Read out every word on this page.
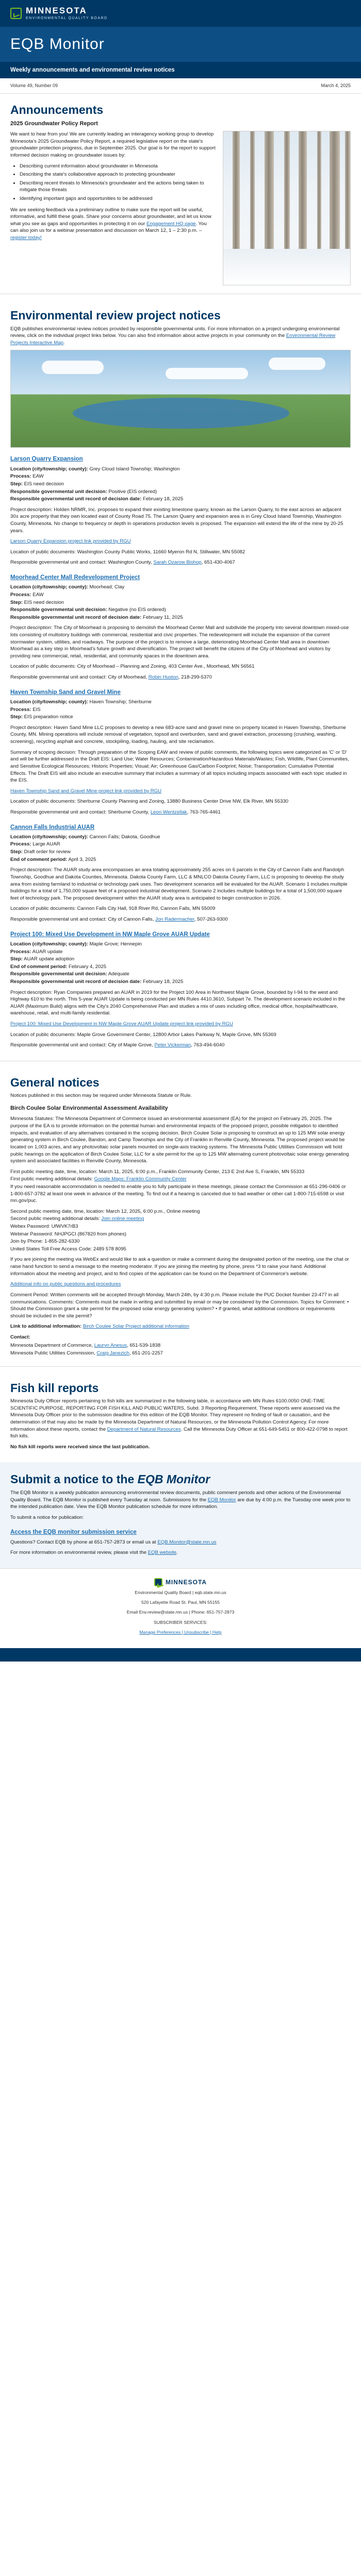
MINNESOTA
ENVIRONMENTAL QUALITY BOARD
EQB Monitor
Weekly announcements and environmental review notices
Volume 49, Number 09	March 4, 2025
Announcements
2025 Groundwater Policy Report

We want to hear from you! We are currently leading an interagency working group to develop Minnesota's 2025 Groundwater Policy Report, a required legislative report on the state's groundwater protection progress, due in September 2025. Our goal is for the report to support informed decision making on groundwater issues by:

• Describing current information about groundwater in Minnesota
• Describing the state's collaborative approach to protecting groundwater
• Describing recent threats to Minnesota's groundwater and the actions being taken to mitigate those threats
• Identifying important gaps and opportunities to be addressed

We are seeking feedback via a preliminary outline to make sure the report will be useful, informative, and fulfill these goals. Share your concerns about groundwater, and let us know what you see as gaps and opportunities in protecting it on our Engagement HQ page. You can also join us for a webinar presentation and discussion on March 12, 1 – 2:30 p.m. – register today!

Environmental review project notices

EQB publishes environmental review notices provided by responsible governmental units. For more information on a project undergoing environmental review, click on the individual project links below. You can also find information about active projects in your community on the Environmental Review Projects Interactive Map.

Larson Quarry Expansion

Location (city/township; county): Grey Cloud Island Township; Washington

Process: EAW

Step: EIS need decision

Responsible governmental unit decision: Positive (EIS ordered)

Responsible governmental unit record of decision date: February 18, 2025

Project description: Holden NRMR, Inc. proposes to expand their existing limestone quarry, known as the Larson Quarry, to the east across an adjacent 30± acre property that they own located east of County Road 75. The Larson Quarry and expansion area is in Grey Cloud Island Township, Washington County, Minnesota. No change to frequency or depth in operations production levels is proposed. The expansion will extend the life of the mine by 20-25 years.

Larson Quarry Expansion project link provided by RGU

Location of public documents: Washington County Public Works, 11660 Myeron Rd N, Stillwater, MN 55082

Responsible governmental unit and contact: Washington County, Sarah Ozarow Bishop, 651-430-4067

Moorhead Center Mall Redevelopment Project

Location (city/township; county): Moorhead; Clay

Process: EAW

Step: EIS need decision

Responsible governmental unit decision: Negative (no EIS ordered)

Responsible governmental unit record of decision date: February 11, 2025

Project description: The City of Moorhead is proposing to demolish the Moorhead Center Mall and subdivide the property into several downtown mixed-use lots consisting of multistory buildings with commercial, residential and civic properties. The redevelopment will include the expansion of the current stormwater system, utilities, and roadways. The purpose of the project is to remove a large, deteriorating Moorhead Center Mall area in downtown Moorhead as a key step in Moorhead's future growth and diversification. The project will benefit the citizens of the City of Moorhead and visitors by providing new commercial, retail, residential, and community spaces in the downtown area.

Location of public documents: City of Moorhead – Planning and Zoning, 403 Center Ave., Moorhead, MN 56561

Responsible governmental unit and contact: City of Moorhead, Robin Huston, 218-299-5370

Haven Township Sand and Gravel Mine

Location (city/township; county): Haven Township; Sherburne

Process: EIS

Step: EIS preparation notice

Project description: Haven Sand Mine LLC proposes to develop a new 683-acre sand and gravel mine on property located in Haven Township, Sherburne County, MN. Mining operations will include removal of vegetation, topsoil and overburden, sand and gravel extraction, processing (crushing, washing, screening), recycling asphalt and concrete, stockpiling, loading, hauling, and site reclamation.

Summary of scoping decision: Through preparation of the Scoping EAW and review of public comments, the following topics were categorized as 'C' or 'D' and will be further addressed in the Draft EIS: Land Use; Water Resources; Contamination/Hazardous Materials/Wastes; Fish, Wildlife, Plant Communities, and Sensitive Ecological Resources; Historic Properties; Visual; Air; Greenhouse Gas/Carbon Footprint; Noise; Transportation; Cumulative Potential Effects. The Draft EIS will also include an executive summary that includes a summary of all topics including impacts associated with each topic studied in the EIS.

Haven Township Sand and Gravel Mine project link provided by RGU

Location of public documents: Sherburne County Planning and Zoning, 13880 Business Center Drive NW, Elk River, MN 55330

Responsible governmental unit and contact: Sherburne County, Leon Wentzellak, 763-765-4461

Cannon Falls Industrial AUAR

Location (city/township; county): Cannon Falls; Dakota, Goodhue

Process: Large AUAR

Step: Draft order for review

End of comment period: April 3, 2025

Project description: The AUAR study area encompasses an area totaling approximately 255 acres on 6 parcels in the City of Cannon Falls and Randolph Township, Goodhue and Dakota Counties, Minnesota. Dakota County Farm, LLC & MNLCO Dakota County Farm, LLC is proposing to develop the study area from existing farmland to industrial or technology park uses. Two development scenarios will be evaluated for the AUAR. Scenario 1 includes multiple buildings for a total of 1,750,000 square feet of a proposed industrial development. Scenario 2 includes multiple buildings for a total of 1,500,000 square feet of technology park. The proposed development within the AUAR study area is anticipated to begin construction in 2026.

Location of public documents: Cannon Falls City Hall, 918 River Rd, Cannon Falls, MN 55009

Responsible governmental unit and contact: City of Cannon Falls, Jon Radermacher, 507-263-9300

Project 100: Mixed Use Development in NW Maple Grove AUAR Update

Location (city/township; county): Maple Grove; Hennepin

Process: AUAR update

Step: AUAR update adoption

End of comment period: February 4, 2025

Responsible governmental unit decision: Adequate

Responsible governmental unit record of decision date: February 18, 2025

Project description: Ryan Companies prepared an AUAR in 2019 for the Project 100 Area in Northwest Maple Grove, bounded by I-94 to the west and Highway 610 to the north. This 5-year AUAR Update is being conducted per MN Rules 4410.3610, Subpart 7e. The development scenario included in the AUAR (Maximum Build) aligns with the City's 2040 Comprehensive Plan and studies a mix of uses including office, medical office, hospital/healthcare, warehouse, retail, and multi-family residential.

Project 100: Mixed Use Development in NW Maple Grove AUAR Update project link provided by RGU

Location of public documents: Maple Grove Government Center, 12800 Arbor Lakes Parkway N, Maple Grove, MN 55369

Responsible governmental unit and contact: City of Maple Grove, Peter Vickerman, 763-494-6040

General notices

Notices published in this section may be required under Minnesota Statute or Rule.

Birch Coulee Solar Environmental Assessment Availability

Minnesota Statutes: The Minnesota Department of Commerce issued an environmental assessment (EA) for the project on February 25, 2025. The purpose of the EA is to provide information on the potential human and environmental impacts of the proposed project, possible mitigation to identified impacts, and evaluation of any alternatives contained in the scoping decision. Birch Coulee Solar is proposing to construct an up to 125 MW solar energy generating system in Birch Coulee, Bandon, and Camp Townships and the City of Franklin in Renville County, Minnesota. The proposed project would be located on 1,003 acres, and any photovoltaic solar panels mounted on single-axis tracking systems. The Minnesota Public Utilities Commission will hold public hearings on the application of Birch Coulee Solar, LLC for a site permit for the up to 125 MW alternating current photovoltaic solar energy generating system and associated facilities in Renville County, Minnesota.

First public meeting date, time, location: March 11, 2025, 6:00 p.m., Franklin Community Center, 213 E 2nd Ave S, Franklin, MN 55333

First public meeting additional details: Google Maps: Franklin Community Center

If you need reasonable accommodation is needed to enable you to fully participate in these meetings, please contact the Commission at 651-296-0406 or 1-800-657-3782 at least one week in advance of the meeting. To find out if a hearing is canceled due to bad weather or other call 1-800-715-6598 or visit mn.gov/puc.

Second public meeting date, time, location: March 12, 2025, 6:00 p.m., Online meeting

Second public meeting additional details: Join online meeting

Webex Password: UfWVK7rB3

Webinar Password: NHJPGCI (867820 from phones)

Join by Phone: 1-855-282-6330

United States Toll Free Access Code: 2489 578 8095

If you are joining the meeting via WebEx and would like to ask a question or make a comment during the designated portion of the meeting, use the chat or raise hand function to send a message to the meeting moderator. If you are joining the meeting by phone, press *3 to raise your hand. Additional information about the meeting and project, and to find copies of the application can be found on the Department of Commerce's website.

Additional info on public questions and procedures

Comment Period: Written comments will be accepted through Monday, March 24th, by 4:30 p.m. Please include the PUC Docket Number 23-477 in all communications. Comments: Comments must be made in writing and submitted by email or may be considered by the Commission. Topics for Comment: • Should the Commission grant a site permit for the proposed solar energy generating system? • If granted, what additional conditions or requirements should be included in the site permit?

Link to additional information: Birch Coulee Solar Project additional information

Contact:

Minnesota Department of Commerce, Lauryn Anesus, 651-539-1838

Minnesota Public Utilities Commission, Craig Janezich, 651-201-2257

Fish kill reports

Minnesota Duty Officer reports pertaining to fish kills are summarized in the following table, in accordance with MN Rules 6100.0050 ONE-TIME SCIENTIFIC PURPOSE, REPORTING FOR FISH KILL AND PUBLIC WATERS, Subd. 3 Reporting Requirement. These reports were assessed via the Minnesota Duty Officer prior to the submission deadline for this edition of the EQB Monitor. They represent no finding of fault or causation, and the determination of that may also be made by the Minnesota Department of Natural Resources, or the Minnesota Pollution Control Agency. For more information about these reports, contact the Department of Natural Resources. Call the Minnesota Duty Officer at 651-649-5451 or 800-422-0798 to report fish kills.

No fish kill reports were received since the last publication.

Submit a notice to the EQB Monitor

The EQB Monitor is a weekly publication announcing environmental review documents, public comment periods and other actions of the Environmental Quality Board. The EQB Monitor is published every Tuesday at noon. Submissions for the EQB Monitor are due by 4:00 p.m. the Tuesday one week prior to the intended publication date. View the EQB Monitor publication schedule for more information.

To submit a notice for publication:

Access the EQB monitor submission service

Questions? Contact EQB by phone at 651-757-2873 or email us at EQB.Monitor@state.mn.us

For more information on environmental review, please visit the EQB website.

MINNESOTA

Environmental Quality Board | eqb.state.mn.us

520 Lafayette Road St. Paul, MN 55155

Email Env.review@state.mn.us | Phone: 651-757-2873

SUBSCRIBER SERVICES:

Manage Preferences | Unsubscribe | Help
